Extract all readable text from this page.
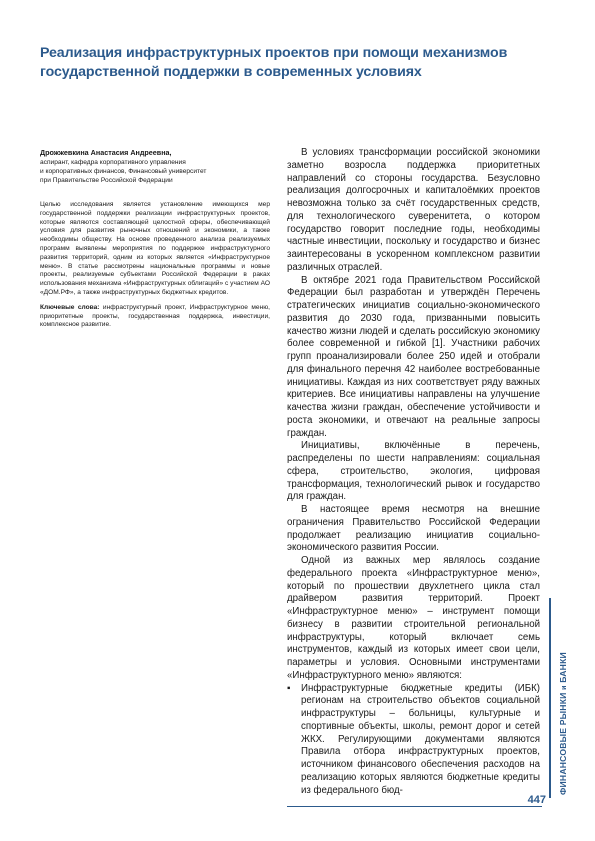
Реализация инфраструктурных проектов при помощи механизмов государственной поддержки в современных условиях

Дрожжевкина Анастасия Андреевна,

аспирант, кафедра корпоративного управления
и корпоративных финансов, Финансовый университет
при Правительстве Российской Федерации

Целью исследования является установление имеющихся мер государственной поддержки реализации инфраструктурных проектов, которые являются составляющей целостной сферы, обеспечивающей условия для развития рыночных отношений и экономики, а также необходимы обществу. На основе проведенного анализа реализуемых программ выявлены мероприятия по поддержке инфраструктурного развития территорий, одним из которых является «Инфраструктурное меню». В статье рассмотрены национальные программы и новые проекты, реализуемые субъектами Российской Федерации в раках использования механизма «Инфраструктурных облигаций» с участием АО «ДОМ.РФ», а также инфраструктурных бюджетных кредитов.

Ключевые слова: инфраструктурный проект, Инфраструктурное меню, приоритетные проекты, государственная поддержка, инвестиции, комплексное развитие.

В условиях трансформации российской экономики заметно возросла поддержка приоритетных направлений со стороны государства. Безусловно реализация долгосрочных и капиталоёмких проектов невозможна только за счёт государственных средств, для технологического суверенитета, о котором государство говорит последние годы, необходимы частные инвестиции, поскольку и государство и бизнес заинтересованы в ускоренном комплексном развитии различных отраслей.

В октябре 2021 года Правительством Российской Федерации был разработан и утверждён Перечень стратегических инициатив социально-экономического развития до 2030 года, призванными повысить качество жизни людей и сделать российскую экономику более современной и гибкой [1]. Участники рабочих групп проанализировали более 250 идей и отобрали для финального перечня 42 наиболее востребованные инициативы. Каждая из них соответствует ряду важных критериев. Все инициативы направлены на улучшение качества жизни граждан, обеспечение устойчивости и роста экономики, и отвечают на реальные запросы граждан.

Инициативы, включённые в перечень, распределены по шести направлениям: социальная сфера, строительство, экология, цифровая трансформация, технологический рывок и государство для граждан.

В настоящее время несмотря на внешние ограничения Правительство Российской Федерации продолжает реализацию инициатив социально-экономического развития России.

Одной из важных мер являлось создание федерального проекта «Инфраструктурное меню», который по прошествии двухлетнего цикла стал драйвером развития территорий. Проект «Инфраструктурное меню» – инструмент помощи бизнесу в развитии строительной региональной инфраструктуры, который включает семь инструментов, каждый из которых имеет свои цели, параметры и условия. Основными инструментами «Инфраструктурного меню» являются:

▪ Инфраструктурные бюджетные кредиты (ИБК) регионам на строительство объектов социальной инфраструктуры – больницы, культурные и спортивные объекты, школы, ремонт дорог и сетей ЖКХ. Регулирующими документами являются Правила отбора инфраструктурных проектов, источником финансового обеспечения расходов на реализацию которых являются бюджетные кредиты из федерального бюд-	ФИНАНСОВЫЕ РЫНКИ и БАНКИ
447
